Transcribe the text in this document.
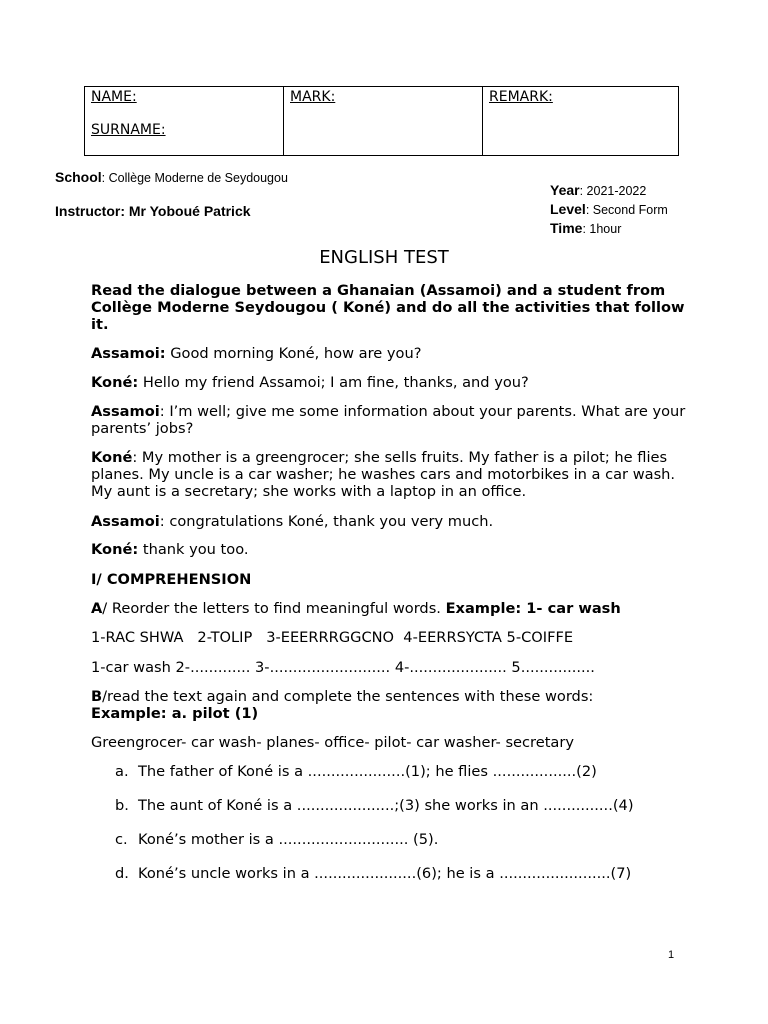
NAME:
SURNAME:

MARK:	REMARK:
School: Collège Moderne de Seydougou
Instructor: Mr Yoboué Patrick
Year: 2021-2022
Level: Second Form
Time: 1hour
ENGLISH TEST
Read the dialogue between a Ghanaian (Assamoi) and a student from Collège Moderne Seydougou ( Koné) and do all the activities that follow it.
Assamoi: Good morning Koné, how are you?
Koné: Hello my friend Assamoi; I am fine, thanks, and you?
Assamoi: I’m well; give me some information about your parents. What are your parents’ jobs?
Koné: My mother is a greengrocer; she sells fruits. My father is a pilot; he flies planes. My uncle is a car washer; he washes cars and motorbikes in a car wash. My aunt is a secretary; she works with a laptop in an office.
Assamoi: congratulations Koné, thank you very much.
Koné: thank you too.
I/ COMPREHENSION
A/ Reorder the letters to find meaningful words. Example: 1- car wash
1-RAC SHWA   2-TOLIP   3-EEERRRGGCNO  4-EERRSYCTA 5-COIFFE
1-car wash 2-............. 3-.......................... 4-..................... 5................
B/read the text again and complete the sentences with these words:
Example: a. pilot (1)
Greengrocer- car wash- planes- office- pilot- car washer- secretary
a. The father of Koné is a .....................(1); he flies ..................(2)
b. The aunt of Koné is a .....................;(3) she works in an ...............(4)
c. Koné’s mother is a ............................ (5).
d. Koné’s uncle works in a ......................(6); he is a ........................(7)
1
